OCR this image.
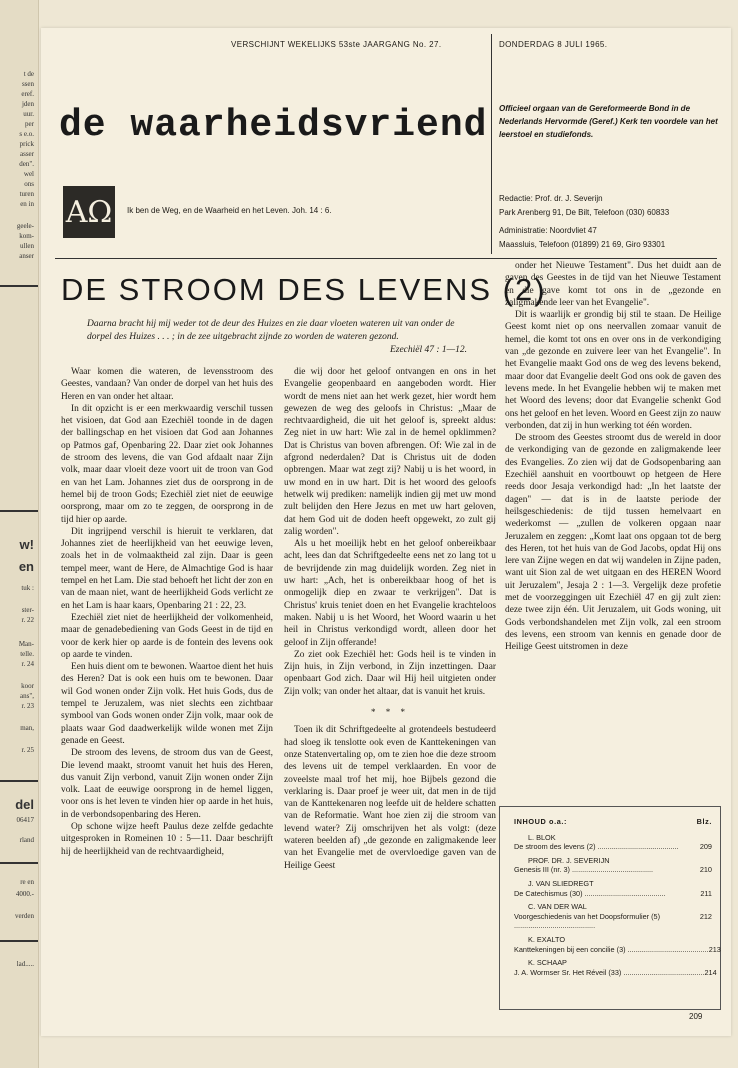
t de
ssen
eref.
jden
uur.
per
s e.o.
prick
asser
den".
wel
ons
turen
en in
geele-
kom-
ullen
anser
w!
en
tuk :
ster-
r. 22
Man-
telle.
r. 24
koor
ans",
r. 23
man,
r. 25
del
06417
rland
re en
4000.-
verden
lad.....
VERSCHIJNT WEKELIJKS 53ste JAARGANG No. 27.	DONDERDAG 8 JULI 1965.
de waarheidsvriend Officieel orgaan van de Gereformeerde Bond in de Nederlands Hervormde (Geref.) Kerk ten voordele van het leerstoel en studiefonds.
AΩ	Ik ben de Weg, en de Waarheid en het Leven. Joh. 14 : 6.
Redactie: Prof. dr. J. Severijn
Park Arenberg 91, De Bilt, Telefoon (030) 60833
Administratie: Noordvliet 47
Maassluis, Telefoon (01899) 21 69, Giro 93301
DE STROOM DES LEVENS (2)
Daarna bracht hij mij weder tot de deur des Huizes en zie daar vloeten wateren uit van onder de dorpel des Huizes . . . ; in de zee uitgebracht zijnde zo worden de wateren gezond.
Ezechiël 47 : 1—12.

Waar komen die wateren, de levensstroom des Geestes, vandaan? Van onder de dorpel van het huis des Heren en van onder het altaar.

In dit opzicht is er een merkwaardig verschil tussen het visioen, dat God aan Ezechiël toonde in de dagen der ballingschap en het visioen dat God aan Johannes op Patmos gaf, Openbaring 22. Daar ziet ook Johannes de stroom des levens, die van God afdaalt naar Zijn volk, maar daar vloeit deze voort uit de troon van God en van het Lam. Johannes ziet dus de oorsprong in de hemel bij de troon Gods; Ezechiël ziet niet de eeuwige oorsprong, maar om zo te zeggen, de oorsprong in de tijd hier op aarde.

Dit ingrijpend verschil is hieruit te verklaren, dat Johannes ziet de heerlijkheid van het eeuwige leven, zoals het in de volmaaktheid zal zijn. Daar is geen tempel meer, want de Here, de Almachtige God is haar tempel en het Lam. Die stad behoeft het licht der zon en van de maan niet, want de heerlijkheid Gods verlicht ze en het Lam is haar kaars, Openbaring 21 : 22, 23.

Ezechiël ziet niet de heerlijkheid der volkomenheid, maar de genadebediening van Gods Geest in de tijd en voor de kerk hier op aarde is de fontein des levens ook op aarde te vinden.

Een huis dient om te bewonen. Waartoe dient het huis des Heren? Dat is ook een huis om te bewonen. Daar wil God wonen onder Zijn volk. Het huis Gods, dus de tempel te Jeruzalem, was niet slechts een zichtbaar symbool van Gods wonen onder Zijn volk, maar ook de plaats waar God daadwerkelijk wilde wonen met Zijn genade en Geest.

De stroom des levens, de stroom dus van de Geest, Die levend maakt, stroomt vanuit het huis des Heren, dus vanuit Zijn verbond, vanuit Zijn wonen onder Zijn volk. Laat de eeuwige oorsprong in de hemel liggen, voor ons is het leven te vinden hier op aarde in het huis, in de verbondsopenbaring des Heren.

Op schone wijze heeft Paulus deze zelfde gedachte uitgesproken in Romeinen 10 : 5—11. Daar beschrijft hij de heerlijkheid van de rechtvaardigheid,

die wij door het geloof ontvangen en ons in het Evangelie geopenbaard en aangeboden wordt. Hier wordt de mens niet aan het werk gezet, hier wordt hem gewezen de weg des geloofs in Christus: „Maar de rechtvaardigheid, die uit het geloof is, spreekt aldus: Zeg niet in uw hart: Wie zal in de hemel opklimmen? Dat is Christus van boven afbrengen. Of: Wie zal in de afgrond nederdalen? Dat is Christus uit de doden opbrengen. Maar wat zegt zij? Nabij u is het woord, in uw mond en in uw hart. Dit is het woord des geloofs hetwelk wij prediken: namelijk indien gij met uw mond zult belijden den Here Jezus en met uw hart geloven, dat hem God uit de doden heeft opgewekt, zo zult gij zalig worden".

Als u het moeilijk hebt en het geloof onbereikbaar acht, lees dan dat Schriftgedeelte eens net zo lang tot u de bevrijdende zin mag duidelijk worden. Zeg niet in uw hart: „Ach, het is onbereikbaar hoog of het is onmogelijk diep en zwaar te verkrijgen". Dat is Christus' kruis teniet doen en het Evangelie krachteloos maken. Nabij u is het Woord, het Woord waarin u het heil in Christus verkondigd wordt, alleen door het geloof in Zijn offerande!

Zo ziet ook Ezechiël het: Gods heil is te vinden in Zijn huis, in Zijn verbond, in Zijn inzettingen. Daar openbaart God zich. Daar wil Hij heil uitgieten onder Zijn volk; van onder het altaar, dat is vanuit het kruis.

* * *

Toen ik dit Schriftgedeelte al grotendeels bestudeerd had sloeg ik tenslotte ook even de Kanttekeningen van onze Statenvertaling op, om te zien hoe die deze stroom des levens uit de tempel verklaarden. En voor de zoveelste maal trof het mij, hoe Bijbels gezond die verklaring is. Daar proef je weer uit, dat men in de tijd van de Kanttekenaren nog leefde uit de heldere schatten van de Reformatie. Want hoe zien zij die stroom van levend water? Zij omschrijven het als volgt: (deze wateren beelden af) „de gezonde en zaligmakende leer van het Evangelie met de overvloedige gaven van de Heilige Geest

onder het Nieuwe Testament". Dus het duidt aan de gaven des Geestes in de tijd van het Nieuwe Testament en die gave komt tot ons in de „gezonde en zaligmakende leer van het Evangelie".

Dit is waarlijk er grondig bij stil te staan. De Heilige Geest komt niet op ons neervallen zomaar vanuit de hemel, die komt tot ons en over ons in de verkondiging van „de gezonde en zuivere leer van het Evangelie". In het Evangelie maakt God ons de weg des levens bekend, maar door dat Evangelie deelt God ons ook de gaven des levens mede. In het Evangelie hebben wij te maken met het Woord des levens; door dat Evangelie schenkt God ons het geloof en het leven. Woord en Geest zijn zo nauw verbonden, dat zij in hun werking tot één worden.

De stroom des Geestes stroomt dus de wereld in door de verkondiging van de gezonde en zaligmakende leer des Evangelies. Zo zien wij dat de Godsopenbaring aan Ezechiël aanshuit en voortbouwt op hetgeen de Here reeds door Jesaja verkondigd had: „In het laatste der dagen" — dat is in de laatste periode der heilsgeschiedenis: de tijd tussen hemelvaart en wederkomst — „zullen de volkeren opgaan naar Jeruzalem en zeggen: „Komt laat ons opgaan tot de berg des Heren, tot het huis van de God Jacobs, opdat Hij ons lere van Zijne wegen en dat wij wandelen in Zijne paden, want uit Sion zal de wet uitgaan en des HEREN Woord uit Jeruzalem", Jesaja 2 : 1—3. Vergelijk deze profetie met de voorzeggingen uit Ezechiël 47 en gij zult zien: deze twee zijn één. Uit Jeruzalem, uit Gods woning, uit Gods verbondshandelen met Zijn volk, zal een stroom des levens, een stroom van kennis en genade door de Heilige Geest uitstromen in deze

INHOUD o.a.:	Blz.
L. BLOK
De stroom des levens (2) .....	209
PROF. DR. J. SEVERIJN
Genesis III (nr. 3) .....	210
J. VAN SLIEDREGT
De Catechismus (30) .....	211
C. VAN DER WAL
Voorgeschiedenis van het Doopsformulier (5) .....	212
K. EXALTO
Kanttekeningen bij een concilie (3) .....	213
K. SCHAAP
J. A. Wormser Sr. Het Réveil (33) .....	214
209
